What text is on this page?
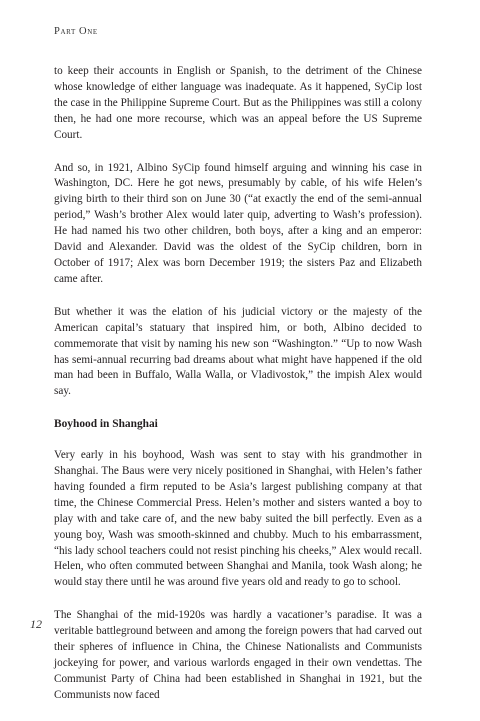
Part One

to keep their accounts in English or Spanish, to the detriment of the Chinese whose knowledge of either language was inadequate. As it happened, SyCip lost the case in the Philippine Supreme Court. But as the Philippines was still a colony then, he had one more recourse, which was an appeal before the US Supreme Court.

And so, in 1921, Albino SyCip found himself arguing and winning his case in Washington, DC. Here he got news, presumably by cable, of his wife Helen’s giving birth to their third son on June 30 (“at exactly the end of the semi-annual period,” Wash’s brother Alex would later quip, adverting to Wash’s profession). He had named his two other children, both boys, after a king and an emperor: David and Alexander. David was the oldest of the SyCip children, born in October of 1917; Alex was born December 1919; the sisters Paz and Elizabeth came after.

But whether it was the elation of his judicial victory or the majesty of the American capital’s statuary that inspired him, or both, Albino decided to commemorate that visit by naming his new son “Washington.” “Up to now Wash has semi-annual recurring bad dreams about what might have happened if the old man had been in Buffalo, Walla Walla, or Vladivostok,” the impish Alex would say.

Boyhood in Shanghai

Very early in his boyhood, Wash was sent to stay with his grandmother in Shanghai. The Baus were very nicely positioned in Shanghai, with Helen’s father having founded a firm reputed to be Asia’s largest publishing company at that time, the Chinese Commercial Press. Helen’s mother and sisters wanted a boy to play with and take care of, and the new baby suited the bill perfectly. Even as a young boy, Wash was smooth-skinned and chubby. Much to his embarrassment, “his lady school teachers could not resist pinching his cheeks,” Alex would recall. Helen, who often commuted between Shanghai and Manila, took Wash along; he would stay there until he was around five years old and ready to go to school.

The Shanghai of the mid-1920s was hardly a vacationer’s paradise. It was a veritable battleground between and among the foreign powers that had carved out their spheres of influence in China, the Chinese Nationalists and Communists jockeying for power, and various warlords engaged in their own vendettas. The Communist Party of China had been established in Shanghai in 1921, but the Communists now faced

12
